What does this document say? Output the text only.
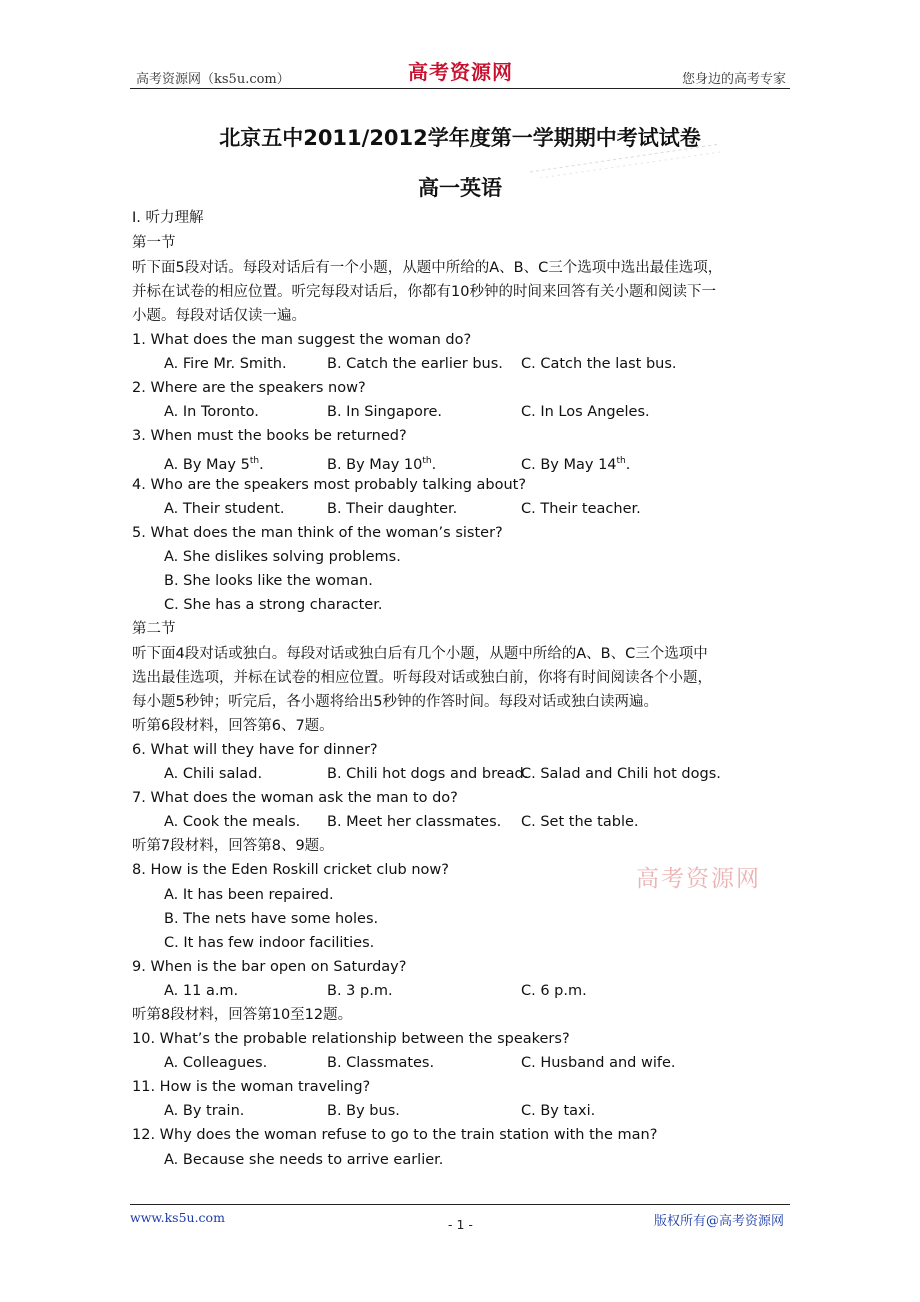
高考资源网（ks5u.com）	高考资源网	您身边的高考专家
北京五中2011/2012学年度第一学期期中考试试卷
高一英语
高考资源网
I. 听力理解
第一节
听下面5段对话。每段对话后有一个小题，从题中所给的A、B、C三个选项中选出最佳选项，
并标在试卷的相应位置。听完每段对话后，你都有10秒钟的时间来回答有关小题和阅读下一
小题。每段对话仅读一遍。
1. What does the man suggest the woman do?
A. Fire Mr. Smith.	B. Catch the earlier bus. C. Catch the last bus.
2. Where are the speakers now?
A. In Toronto.	B. In Singapore.	C. In Los Angeles.
3. When must the books be returned?
A. By May 5th.	B. By May 10th.	C. By May 14th.
4. Who are the speakers most probably talking about?
A. Their student.	B. Their daughter.	C. Their teacher.
5. What does the man think of the woman’s sister?
A. She dislikes solving problems.
B. She looks like the woman.
C. She has a strong character.
第二节
听下面4段对话或独白。每段对话或独白后有几个小题，从题中所给的A、B、C三个选项中
选出最佳选项，并标在试卷的相应位置。听每段对话或独白前，你将有时间阅读各个小题，
每小题5秒钟；听完后，各小题将给出5秒钟的作答时间。每段对话或独白读两遍。
听第6段材料，回答第6、7题。
6. What will they have for dinner?
A. Chili salad.	B. Chili hot dogs and bread.
C. Salad and Chili hot dogs.
7. What does the woman ask the man to do?
A. Cook the meals. B. Meet her classmates. C. Set the table.
听第7段材料，回答第8、9题。
8. How is the Eden Roskill cricket club now?
A. It has been repaired.
B. The nets have some holes.
C. It has few indoor facilities.
9. When is the bar open on Saturday?
A. 11 a.m.	B. 3 p.m.	C. 6 p.m.
听第8段材料，回答第10至12题。
10. What’s the probable relationship between the speakers?
A. Colleagues.	B. Classmates.	C. Husband and wife.
11. How is the woman traveling?
A. By train.	B. By bus.	C. By taxi.
12. Why does the woman refuse to go to the train station with the man?
A. Because she needs to arrive earlier.
www.ks5u.com	- 1 -	版权所有@高考资源网
